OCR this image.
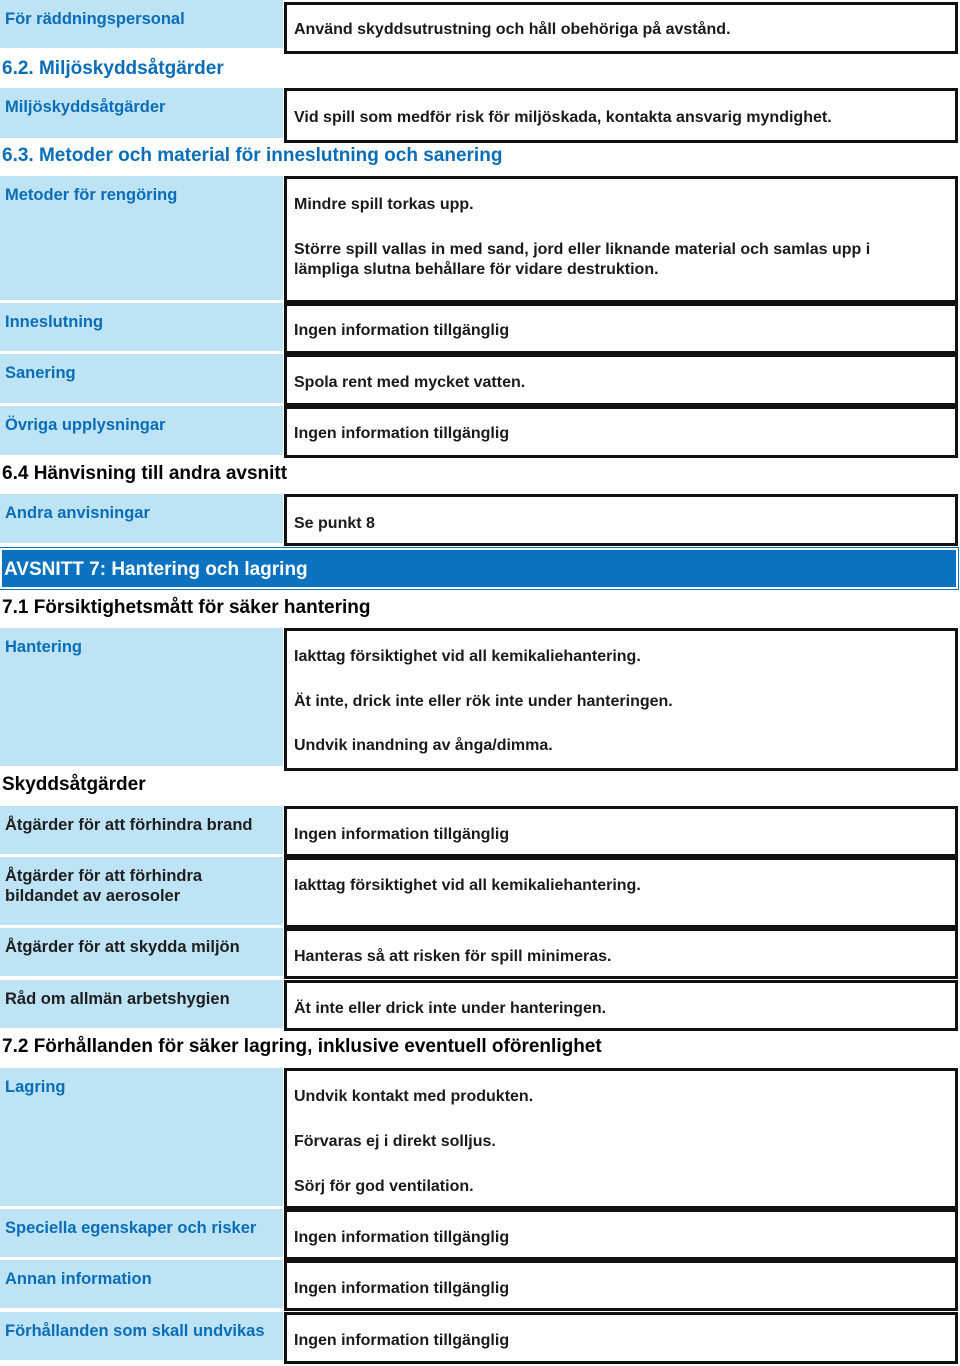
För räddningspersonal
Använd skyddsutrustning och håll obehöriga på avstånd.
6.2. Miljöskyddsåtgärder
Miljöskyddsåtgärder
Vid spill som medför risk för miljöskada, kontakta ansvarig myndighet.
6.3. Metoder och material för inneslutning och sanering
Metoder för rengöring
Mindre spill torkas upp.
Större spill vallas in med sand, jord eller liknande material och samlas upp i lämpliga slutna behållare för vidare destruktion.
Inneslutning	Ingen information tillgänglig
Sanering
Spola rent med mycket vatten.
Övriga upplysningar	Ingen information tillgänglig
6.4 Hänvisning till andra avsnitt
Andra anvisningar
Se punkt 8
AVSNITT 7: Hantering och lagring
7.1 Försiktighetsmått för säker hantering
Hantering
Iakttag försiktighet vid all kemikaliehantering.
Ät inte, drick inte eller rök inte under hanteringen.
Undvik inandning av ånga/dimma.
Skyddsåtgärder
Åtgärder för att förhindra brand
Ingen information tillgänglig
Åtgärder för att förhindra bildandet av aerosoler
Iakttag försiktighet vid all kemikaliehantering.
Åtgärder för att skydda miljön
Hanteras så att risken för spill minimeras.
Råd om allmän arbetshygien
Ät inte eller drick inte under hanteringen.
7.2 Förhållanden för säker lagring, inklusive eventuell oförenlighet
Lagring
Undvik kontakt med produkten.
Förvaras ej i direkt solljus.
Sörj för god ventilation.
Speciella egenskaper och risker
Ingen information tillgänglig
Annan information
Ingen information tillgänglig
Förhållanden som skall undvikas
Ingen information tillgänglig
